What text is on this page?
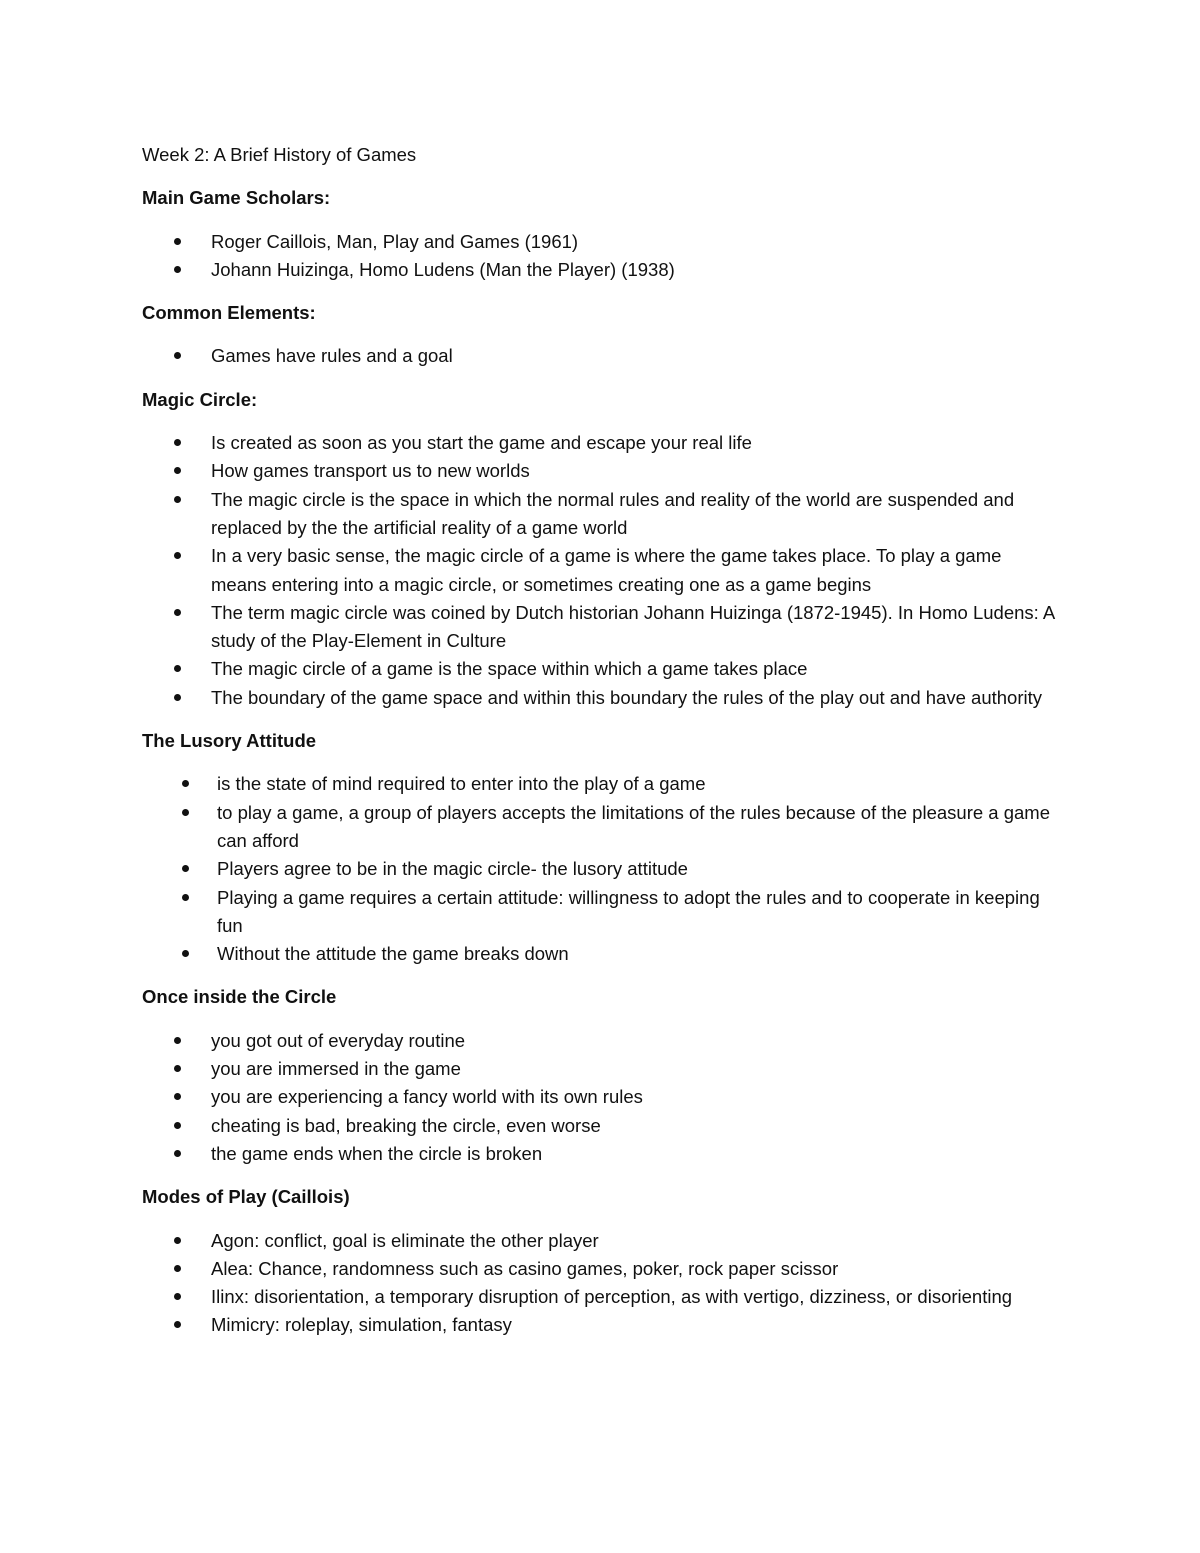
Week 2: A Brief History of Games

Main Game Scholars:

Roger Caillois, Man, Play and Games (1961)
Johann Huizinga, Homo Ludens (Man the Player) (1938)

Common Elements:

Games have rules and a goal

Magic Circle:

Is created as soon as you start the game and escape your real life
How games transport us to new worlds
The magic circle is the space in which the normal rules and reality of the world are suspended and replaced by the the artificial reality of a game world
In a very basic sense, the magic circle of a game is where the game takes place. To play a game means entering into a magic circle, or sometimes creating one as a game begins
The term magic circle was coined by Dutch historian Johann Huizinga (1872-1945). In Homo Ludens: A study of the Play-Element in Culture
The magic circle of a game is the space within which a game takes place
The boundary of the game space and within this boundary the rules of the play out and have authority

The Lusory Attitude

is the state of mind required to enter into the play of a game
to play a game, a group of players accepts the limitations of the rules because of the pleasure a game can afford
Players agree to be in the magic circle- the lusory attitude
Playing a game requires a certain attitude: willingness to adopt the rules and to cooperate in keeping fun
Without the attitude the game breaks down

Once inside the Circle

you got out of everyday routine
you are immersed in the game
you are experiencing a fancy world with its own rules
cheating is bad, breaking the circle, even worse
the game ends when the circle is broken

Modes of Play (Caillois)

Agon: conflict, goal is eliminate the other player
Alea: Chance, randomness such as casino games, poker, rock paper scissor
Ilinx: disorientation, a temporary disruption of perception, as with vertigo, dizziness, or disorienting
Mimicry: roleplay, simulation, fantasy
